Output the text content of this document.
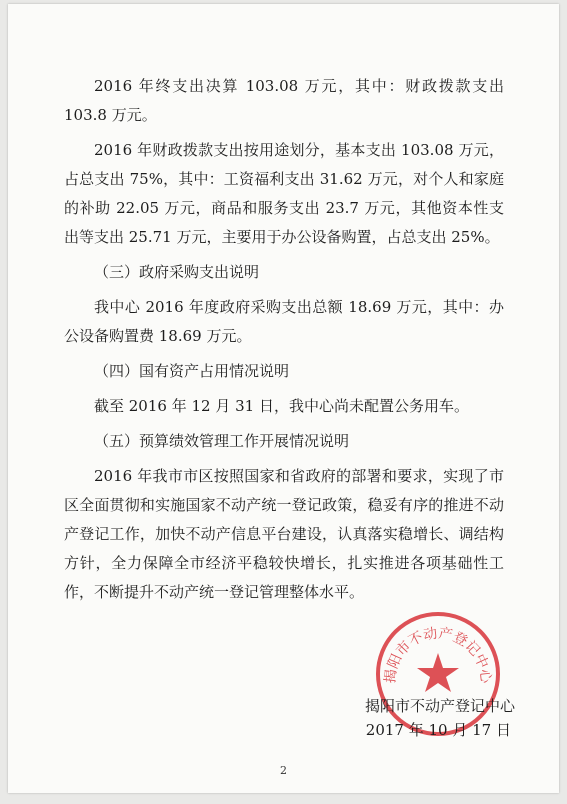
2016 年终支出决算 103.08 万元，其中：财政拨款支出 103.8 万元。

2016 年财政拨款支出按用途划分，基本支出 103.08 万元，占总支出 75%，其中：工资福利支出 31.62 万元，对个人和家庭的补助 22.05 万元，商品和服务支出 23.7 万元，其他资本性支出等支出 25.71 万元，主要用于办公设备购置，占总支出 25%。

（三）政府采购支出说明

我中心 2016 年度政府采购支出总额 18.69 万元，其中：办公设备购置费 18.69 万元。

（四）国有资产占用情况说明

截至 2016 年 12 月 31 日，我中心尚未配置公务用车。

（五）预算绩效管理工作开展情况说明

2016 年我市市区按照国家和省政府的部署和要求，实现了市区全面贯彻和实施国家不动产统一登记政策，稳妥有序的推进不动产登记工作，加快不动产信息平台建设，认真落实稳增长、调结构方针，全力保障全市经济平稳较快增长，扎实推进各项基础性工作，不断提升不动产统一登记管理整体水平。

揭阳市不动产登记中心
揭阳市不动产登记中心
2017 年 10 月 17 日
2
